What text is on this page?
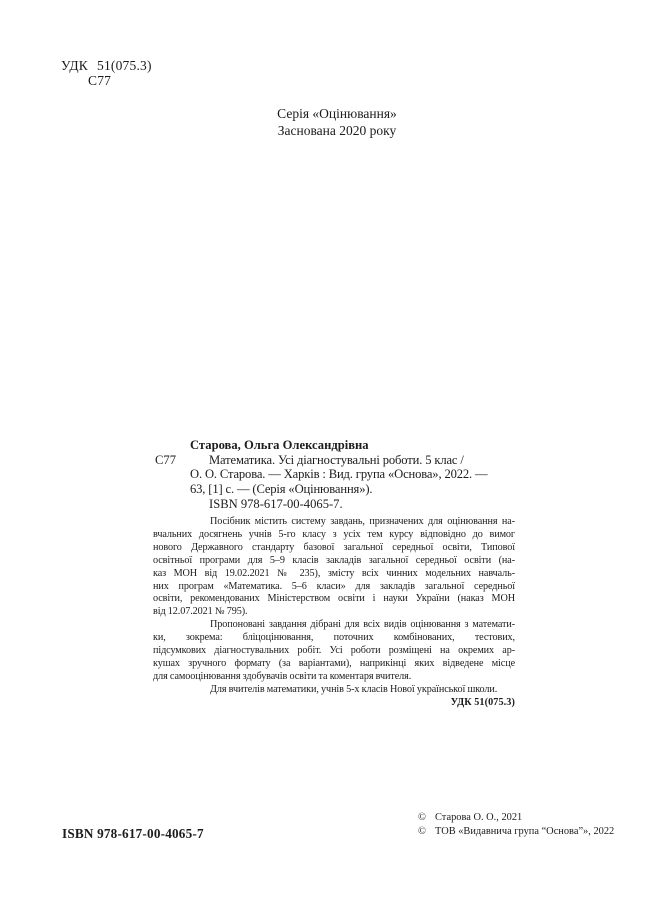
УДК 51(075.3)
С77
Серія «Оцінювання»
Заснована 2020 року
Старова, Ольга Олександрівна
С77	Математика. Усі діагностувальні роботи. 5 клас /
О. О. Старова. — Харків : Вид. група «Основа», 2022. —
63, [1] с. — (Серія «Оцінювання»).
ISBN 978-617-00-4065-7.
Посібник містить систему завдань, призначених для оцінювання на-
вчальних досягнень учнів 5-го класу з усіх тем курсу відповідно до вимог
нового Державного стандарту базової загальної середньої освіти, Типової
освітньої програми для 5–9 класів закладів загальної середньої освіти (на-
каз МОН від 19.02.2021 № 235), змісту всіх чинних модельних навчаль-
них програм «Математика. 5–6 класи» для закладів загальної середньої
освіти, рекомендованих Міністерством освіти і науки України (наказ МОН
від 12.07.2021 № 795).
Пропоновані завдання дібрані для всіх видів оцінювання з математи-
ки, зокрема: бліцоцінювання, поточних комбінованих, тестових,
підсумкових діагностувальних робіт. Усі роботи розміщені на окремих ар-
кушах зручного формату (за варіантами), наприкінці яких відведене місце
для самооцінювання здобувачів освіти та коментаря вчителя.
Для вчителів математики, учнів 5-х класів Нової української школи.
УДК 51(075.3)
ISBN 978-617-00-4065-7
© Старова О. О., 2021
© ТОВ «Видавнича група “Основа”», 2022
